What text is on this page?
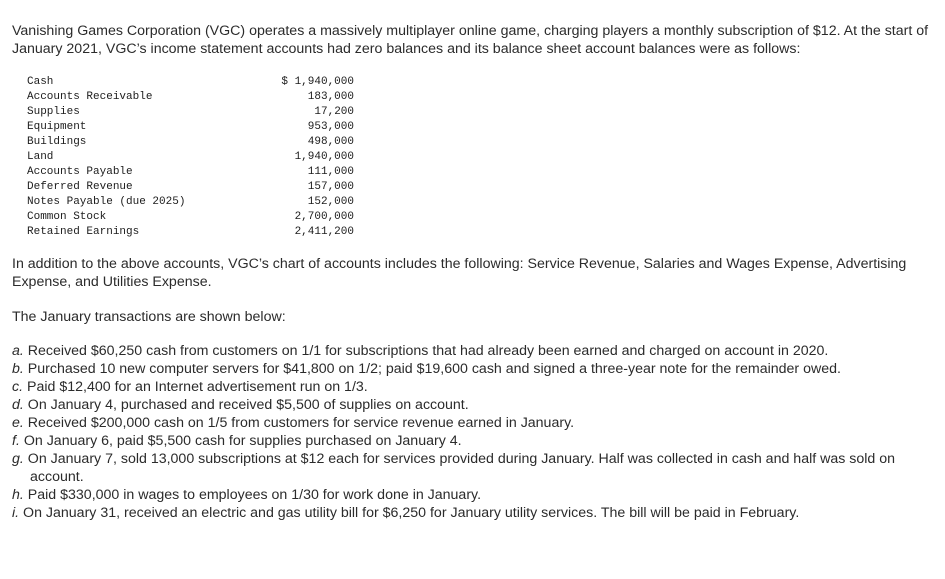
Vanishing Games Corporation (VGC) operates a massively multiplayer online game, charging players a monthly subscription of $12. At the start of January 2021, VGC’s income statement accounts had zero balances and its balance sheet account balances were as follows:

Cash	$ 1,940,000
Accounts Receivable	183,000
Supplies	17,200
Equipment	953,000
Buildings	498,000
Land	1,940,000
Accounts Payable	111,000
Deferred Revenue	157,000
Notes Payable (due 2025)	152,000
Common Stock	2,700,000
Retained Earnings	2,411,200

In addition to the above accounts, VGC’s chart of accounts includes the following: Service Revenue, Salaries and Wages Expense, Advertising Expense, and Utilities Expense.

The January transactions are shown below:

a. Received $60,250 cash from customers on 1/1 for subscriptions that had already been earned and charged on account in 2020.
b. Purchased 10 new computer servers for $41,800 on 1/2; paid $19,600 cash and signed a three-year note for the remainder owed.
c. Paid $12,400 for an Internet advertisement run on 1/3.
d. On January 4, purchased and received $5,500 of supplies on account.
e. Received $200,000 cash on 1/5 from customers for service revenue earned in January.
f. On January 6, paid $5,500 cash for supplies purchased on January 4.
g. On January 7, sold 13,000 subscriptions at $12 each for services provided during January. Half was collected in cash and half was sold on account.
h. Paid $330,000 in wages to employees on 1/30 for work done in January.
i. On January 31, received an electric and gas utility bill for $6,250 for January utility services. The bill will be paid in February.
